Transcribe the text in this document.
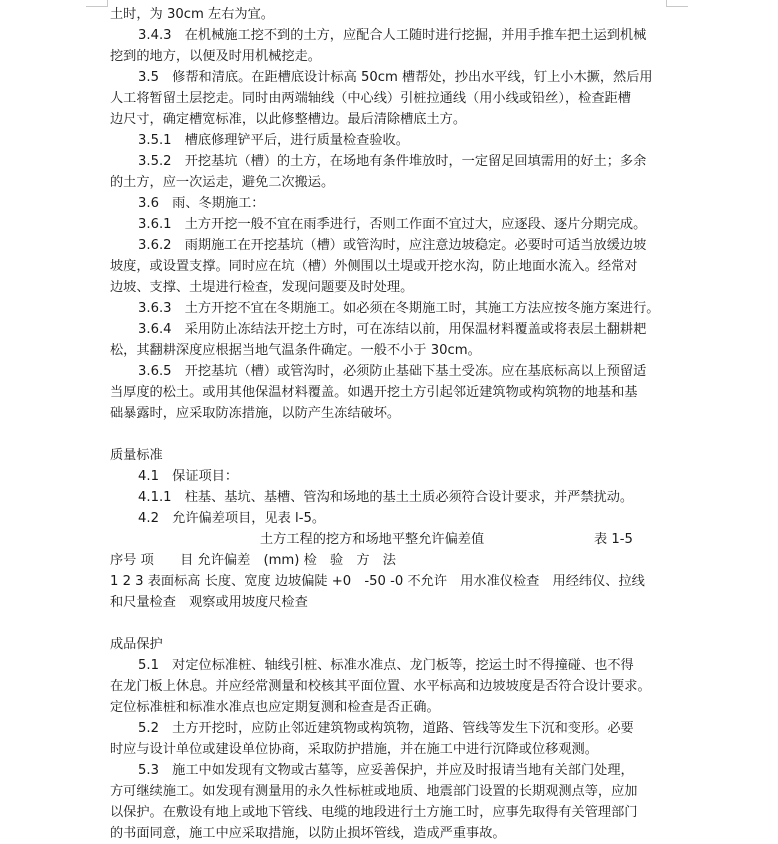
土时，为 30cm 左右为宜。
3.4.3　在机械施工挖不到的土方，应配合人工随时进行挖掘，并用手推车把土运到机械
挖到的地方，以便及时用机械挖走。
3.5　修帮和清底。在距槽底设计标高 50cm 槽帮处，抄出水平线，钉上小木撅，然后用
人工将暂留土层挖走。同时由两端轴线（中心线）引桩拉通线（用小线或铅丝），检查距槽
边尺寸，确定槽宽标准，以此修整槽边。最后清除槽底土方。
3.5.1　槽底修理铲平后，进行质量检查验收。
3.5.2　开挖基坑（槽）的土方，在场地有条件堆放时，一定留足回填需用的好土；多余
的土方，应一次运走，避免二次搬运。
3.6　雨、冬期施工：
3.6.1　土方开挖一般不宜在雨季进行，否则工作面不宜过大，应逐段、逐片分期完成。
3.6.2　雨期施工在开挖基坑（槽）或管沟时，应注意边坡稳定。必要时可适当放缓边坡
坡度，或设置支撑。同时应在坑（槽）外侧围以土堤或开挖水沟，防止地面水流入。经常对
边坡、支撑、土堤进行检查，发现问题要及时处理。
3.6.3　土方开挖不宜在冬期施工。如必须在冬期施工时，其施工方法应按冬施方案进行。
3.6.4　采用防止冻结法开挖土方时，可在冻结以前，用保温材料覆盖或将表层土翻耕耙
松，其翻耕深度应根据当地气温条件确定。一般不小于 30cm。
3.6.5　开挖基坑（槽）或管沟时，必须防止基础下基土受冻。应在基底标高以上预留适
当厚度的松土。或用其他保温材料覆盖。如遇开挖土方引起邻近建筑物或构筑物的地基和基
础暴露时，应采取防冻措施，以防产生冻结破坏。
质量标准
4.1　保证项目：
4.1.1　柱基、基坑、基槽、管沟和场地的基土土质必须符合设计要求，并严禁扰动。
4.2　允许偏差项目，见表 l-5。
土方工程的挖方和场地平整允许偏差值	表 1-5
序号 项　　目 允许偏差　(mm) 检　验　方　法
1 2 3 表面标高 长度、宽度 边坡偏陡 +0　-50 -0 不允许　用水准仪检查　用经纬仪、拉线
和尺量检查　观察或用坡度尺检查
成品保护
5.1　对定位标准桩、轴线引桩、标准水准点、龙门板等，挖运土时不得撞碰、也不得
在龙门板上休息。并应经常测量和校核其平面位置、水平标高和边坡坡度是否符合设计要求。
定位标准桩和标准水准点也应定期复测和检查是否正确。
5.2　土方开挖时，应防止邻近建筑物或构筑物，道路、管线等发生下沉和变形。必要
时应与设计单位或建设单位协商，采取防护措施，并在施工中进行沉降或位移观测。
5.3　施工中如发现有文物或古墓等，应妥善保护，并应及时报请当地有关部门处理，
方可继续施工。如发现有测量用的永久性标桩或地质、地震部门设置的长期观测点等，应加
以保护。在敷设有地上或地下管线、电缆的地段进行土方施工时，应事先取得有关管理部门
的书面同意，施工中应采取措施，以防止损坏管线，造成严重事故。
